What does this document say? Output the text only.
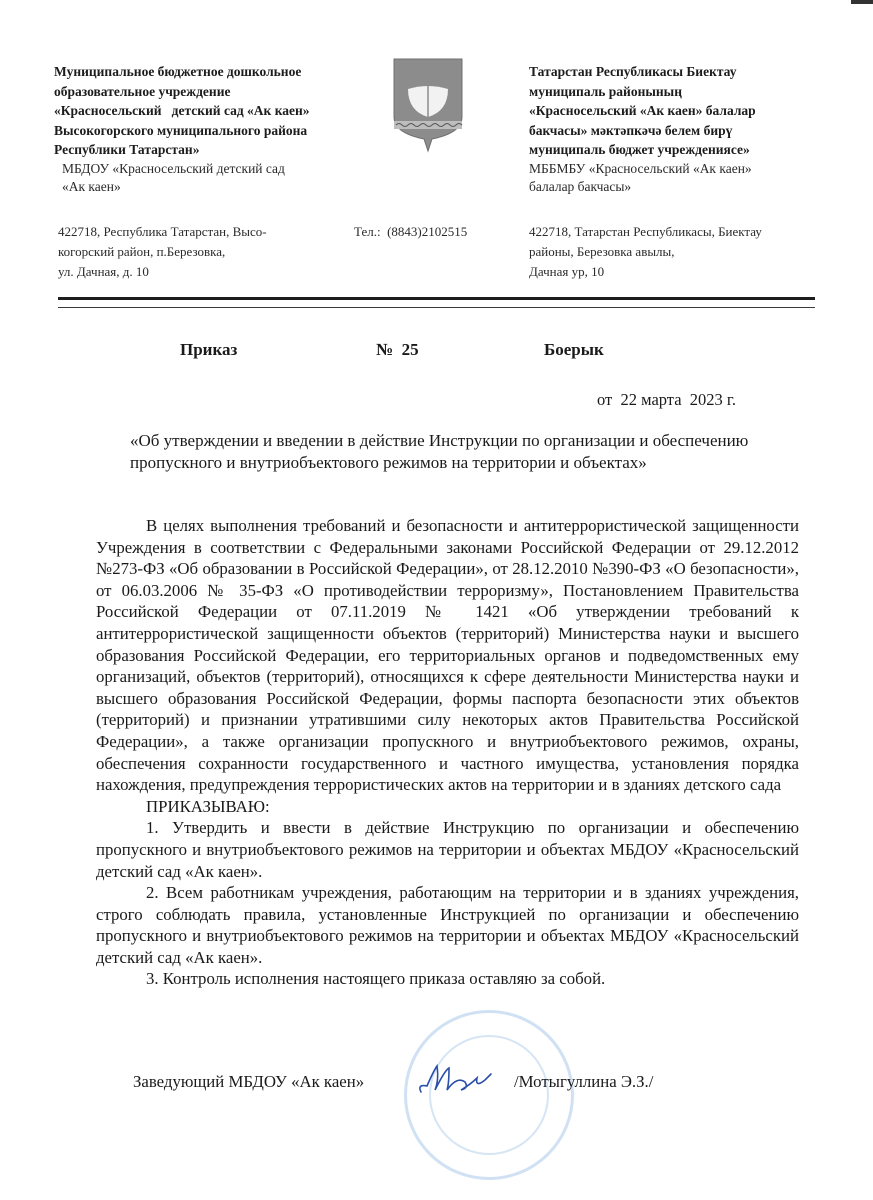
Муниципальное бюджетное дошкольное
образовательное учреждение
«Красносельский   детский сад «Ак каен»
Высокогорского муниципального района
Республики Татарстан»
МБДОУ «Красносельский детский сад
«Ак каен»
Татарстан Республикасы Биектау
муниципаль районының
«Красносельский «Ак каен» балалар
бакчасы» мәктәпкәчә белем бирү
муниципаль бюджет учреждениясе»
МББМБУ «Красносельский «Ак каен»
балалар бакчасы»
422718, Республика Татарстан, Высо-
когорский район, п.Березовка,
ул. Дачная, д. 10
Тел.:  (8843)2102515	422718, Татарстан Республикасы, Биектау
районы, Березовка авылы,
Дачная ур, 10
Приказ	№  25	Боерык
от  22 марта  2023 г.
«Об утверждении и введении в действие Инструкции по организации и обеспечению пропускного и внутриобъектового режимов на территории и объектах»

В целях выполнения требований и безопасности и антитеррористической защищенности Учреждения в соответствии с Федеральными законами Российской Федерации от 29.12.2012 №273-ФЗ «Об образовании в Российской Федерации», от 28.12.2010 №390-ФЗ «О безопасности», от 06.03.2006 № 35-ФЗ «О противодействии терроризму», Постановлением Правительства Российской Федерации от 07.11.2019 № 1421 «Об утверждении требований к антитеррористической защищенности объектов (территорий) Министерства науки и высшего образования Российской Федерации, его территориальных органов и подведомственных ему организаций, объектов (территорий), относящихся к сфере деятельности Министерства науки и высшего образования Российской Федерации, формы паспорта безопасности этих объектов (территорий) и признании утратившими силу некоторых актов Правительства Российской Федерации», а также организации пропускного и внутриобъектового режимов, охраны, обеспечения сохранности государственного и частного имущества, установления порядка нахождения, предупреждения террористических актов на территории и в зданиях детского сада

ПРИКАЗЫВАЮ:

1. Утвердить и ввести в действие Инструкцию по организации и обеспечению пропускного и внутриобъектового режимов на территории и объектах МБДОУ «Красносельский детский сад «Ак каен».

2. Всем работникам учреждения, работающим на территории и в зданиях учреждения, строго соблюдать правила, установленные Инструкцией по организации и обеспечению пропускного и внутриобъектового режимов на территории и объектах МБДОУ «Красносельский детский сад «Ак каен».

3. Контроль исполнения настоящего приказа оставляю за собой.

Заведующий МБДОУ «Ак каен»	/Мотыгуллина Э.З./
